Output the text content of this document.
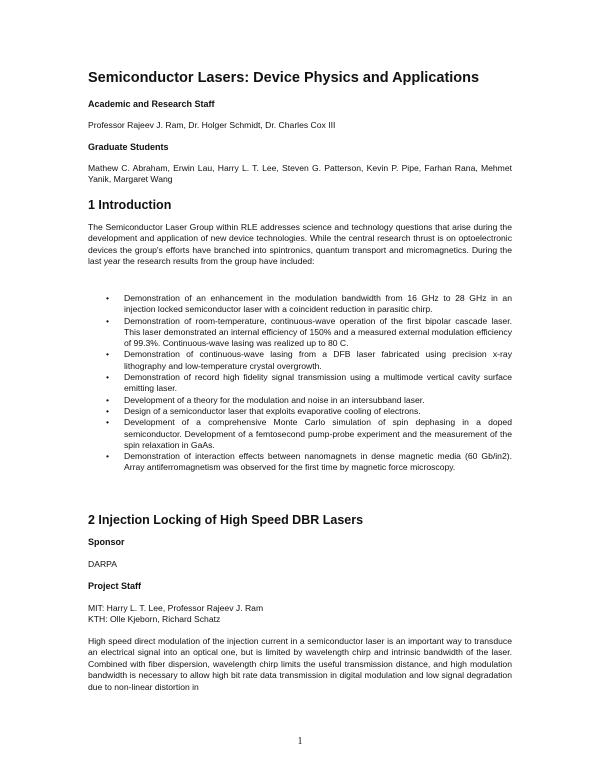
Semiconductor Lasers: Device Physics and Applications
Academic and Research Staff

Professor Rajeev J. Ram, Dr. Holger Schmidt, Dr. Charles Cox III

Graduate Students

Mathew C. Abraham, Erwin Lau, Harry L. T. Lee, Steven G. Patterson, Kevin P. Pipe, Farhan Rana, Mehmet Yanik, Margaret Wang

1 Introduction

The Semiconductor Laser Group within RLE addresses science and technology questions that arise during the development and application of new device technologies. While the central research thrust is on optoelectronic devices the group's efforts have branched into spintronics, quantum transport and micromagnetics. During the last year the research results from the group have included:

• Demonstration of an enhancement in the modulation bandwidth from 16 GHz to 28 GHz in an injection locked semiconductor laser with a coincident reduction in parasitic chirp.
• Demonstration of room-temperature, continuous-wave operation of the first bipolar cascade laser. This laser demonstrated an internal efficiency of 150% and a measured external modulation efficiency of 99.3%. Continuous-wave lasing was realized up to 80 C.
• Demonstration of continuous-wave lasing from a DFB laser fabricated using precision x-ray lithography and low-temperature crystal overgrowth.
• Demonstration of record high fidelity signal transmission using a multimode vertical cavity surface emitting laser.
• Development of a theory for the modulation and noise in an intersubband laser.
• Design of a semiconductor laser that exploits evaporative cooling of electrons.
• Development of a comprehensive Monte Carlo simulation of spin dephasing in a doped semiconductor. Development of a femtosecond pump-probe experiment and the measurement of the spin relaxation in GaAs.
• Demonstration of interaction effects between nanomagnets in dense magnetic media (60 Gb/in2). Array antiferromagnetism was observed for the first time by magnetic force microscopy.
2 Injection Locking of High Speed DBR Lasers
Sponsor

DARPA

Project Staff

MIT: Harry L. T. Lee, Professor Rajeev J. Ram

KTH: Olle Kjeborn, Richard Schatz

High speed direct modulation of the injection current in a semiconductor laser is an important way to transduce an electrical signal into an optical one, but is limited by wavelength chirp and intrinsic bandwidth of the laser. Combined with fiber dispersion, wavelength chirp limits the useful transmission distance, and high modulation bandwidth is necessary to allow high bit rate data transmission in digital modulation and low signal degradation due to non-linear distortion in

1
